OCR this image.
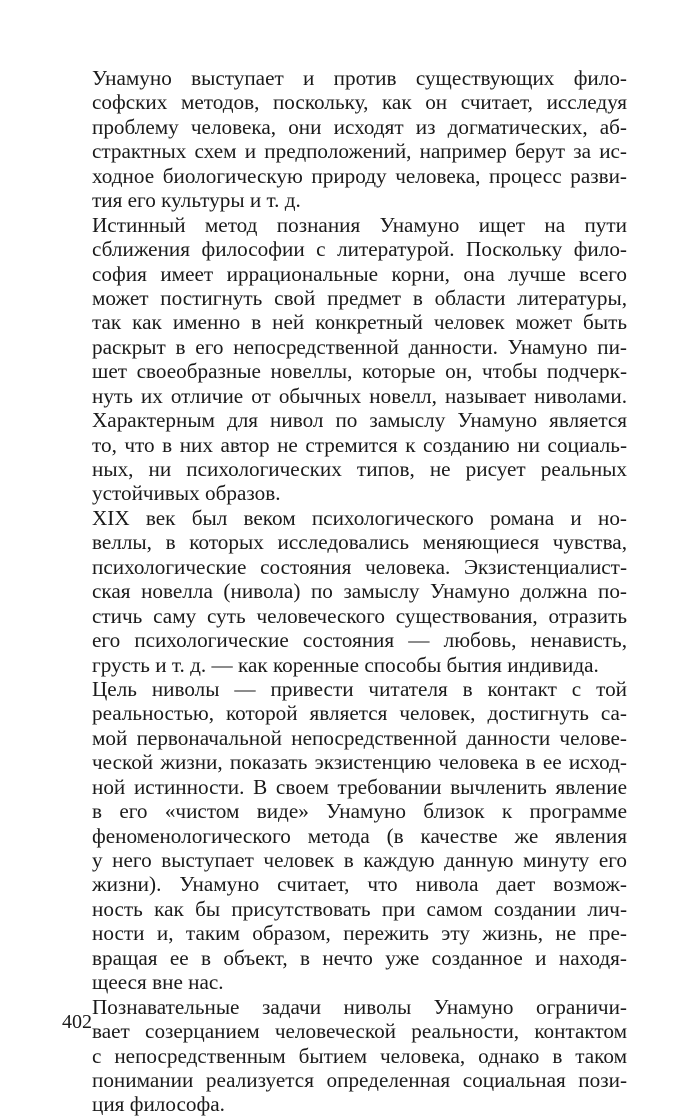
Унамуно выступает и против существующих фило-
софских методов, поскольку, как он считает, исследуя
проблему человека, они исходят из догматических, аб-
страктных схем и предположений, например берут за ис-
ходное биологическую природу человека, процесс разви-
тия его культуры и т. д.
Истинный метод познания Унамуно ищет на пути
сближения философии с литературой. Поскольку фило-
софия имеет иррациональные корни, она лучше всего
может постигнуть свой предмет в области литературы,
так как именно в ней конкретный человек может быть
раскрыт в его непосредственной данности. Унамуно пи-
шет своеобразные новеллы, которые он, чтобы подчерк-
нуть их отличие от обычных новелл, называет ниволами.
Характерным для нивол по замыслу Унамуно является
то, что в них автор не стремится к созданию ни социаль-
ных, ни психологических типов, не рисует реальных
устойчивых образов.
XIX век был веком психологического романа и но-
веллы, в которых исследовались меняющиеся чувства,
психологические состояния человека. Экзистенциалист-
ская новелла (нивола) по замыслу Унамуно должна по-
стичь саму суть человеческого существования, отразить
его психологические состояния — любовь, ненависть,
грусть и т. д. — как коренные способы бытия индивида.
Цель ниволы — привести читателя в контакт с той
реальностью, которой является человек, достигнуть са-
мой первоначальной непосредственной данности челове-
ческой жизни, показать экзистенцию человека в ее исход-
ной истинности. В своем требовании вычленить явление
в его «чистом виде» Унамуно близок к программе
феноменологического метода (в качестве же явления
у него выступает человек в каждую данную минуту его
жизни). Унамуно считает, что нивола дает возмож-
ность как бы присутствовать при самом создании лич-
ности и, таким образом, пережить эту жизнь, не пре-
вращая ее в объект, в нечто уже созданное и находя-
щееся вне нас.
Познавательные задачи ниволы Унамуно ограничи-
вает созерцанием человеческой реальности, контактом
с непосредственным бытием человека, однако в таком
понимании реализуется определенная социальная пози-
ция философа.
402
